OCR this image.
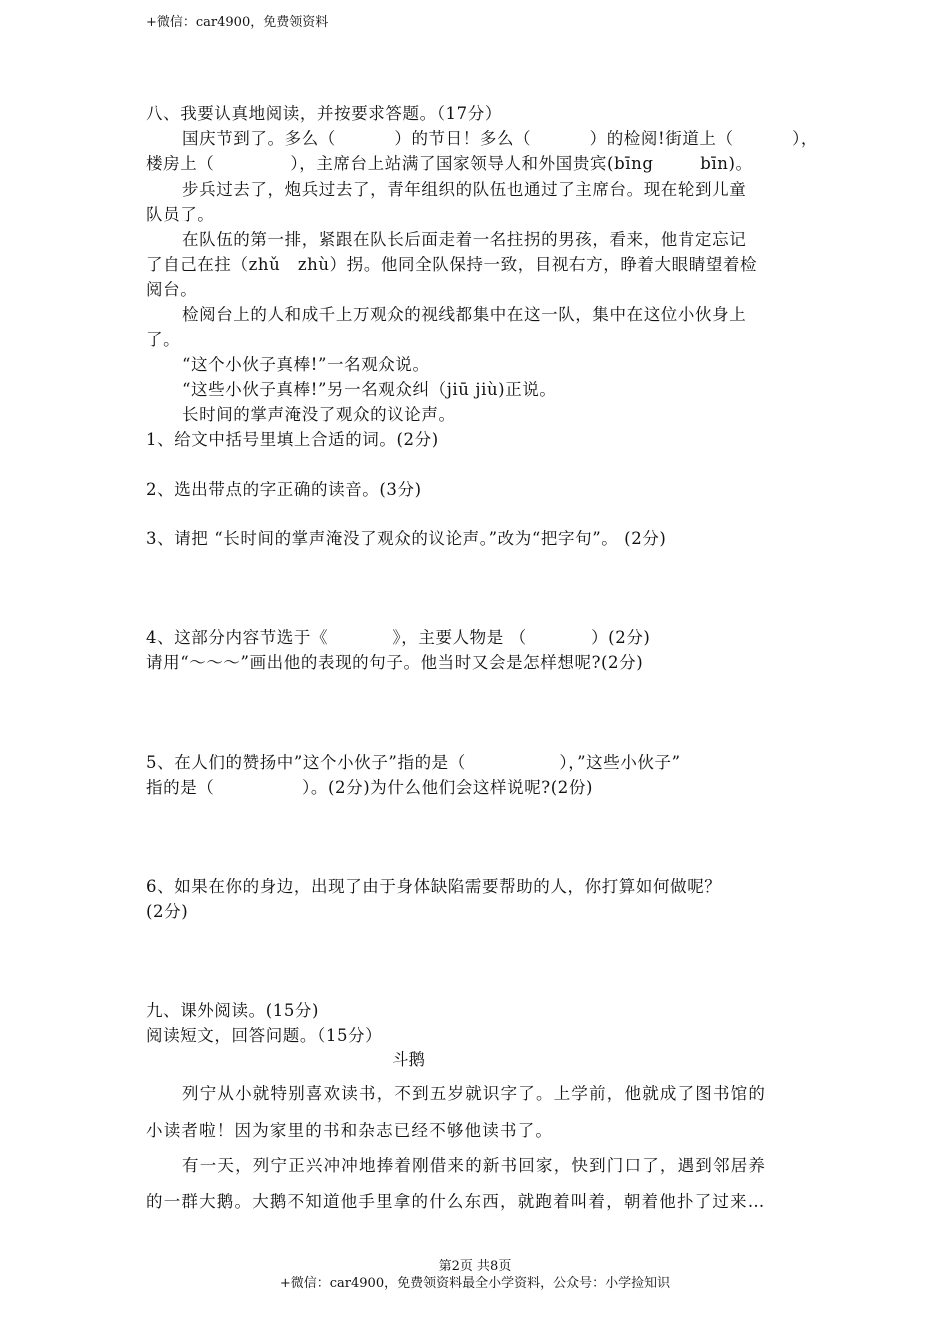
+微信：car4900，免费领资料
八、我要认真地阅读，并按要求答题。（17分）
国庆节到了。多么（          ）的节日！多么（          ）的检阅!街道上（          ），
楼房上（             ），主席台上站满了国家领导人和外国贵宾(bīng        bīn)。
步兵过去了，炮兵过去了，青年组织的队伍也通过了主席台。现在轮到儿童
队员了。
在队伍的第一排，紧跟在队长后面走着一名拄拐的男孩，看来，他肯定忘记
了自己在拄（zhǔ   zhù）拐。他同全队保持一致，目视右方，睁着大眼睛望着检
阅台。
检阅台上的人和成千上万观众的视线都集中在这一队，集中在这位小伙身上
了。
“这个小伙子真棒!”一名观众说。
“这些小伙子真棒!”另一名观众纠（jiū jiù)正说。
长时间的掌声淹没了观众的议论声。
1、给文中括号里填上合适的词。(2分)
2、选出带点的字正确的读音。(3分)
3、请把 “长时间的掌声淹没了观众的议论声。”改为“把字句”。 (2分)
4、这部分内容节选于《           》，主要人物是 （           ）(2分)
请用“～～～”画出他的表现的句子。他当时又会是怎样想呢?(2分)
5、在人们的赞扬中”这个小伙子”指的是（                ），”这些小伙子”
指的是（               ）。(2分)为什么他们会这样说呢?(2份)
6、如果在你的身边，出现了由于身体缺陷需要帮助的人，你打算如何做呢？
(2分)
九、课外阅读。(15分)
阅读短文，回答问题。（15分）
斗鹅
列宁从小就特别喜欢读书，不到五岁就识字了。上学前，他就成了图书馆的
小读者啦！因为家里的书和杂志已经不够他读书了。
有一天，列宁正兴冲冲地捧着刚借来的新书回家，快到门口了，遇到邻居养
的一群大鹅。大鹅不知道他手里拿的什么东西，就跑着叫着，朝着他扑了过来…
第2页 共8页
+微信：car4900，免费领资料最全小学资料，公众号：小学捡知识
